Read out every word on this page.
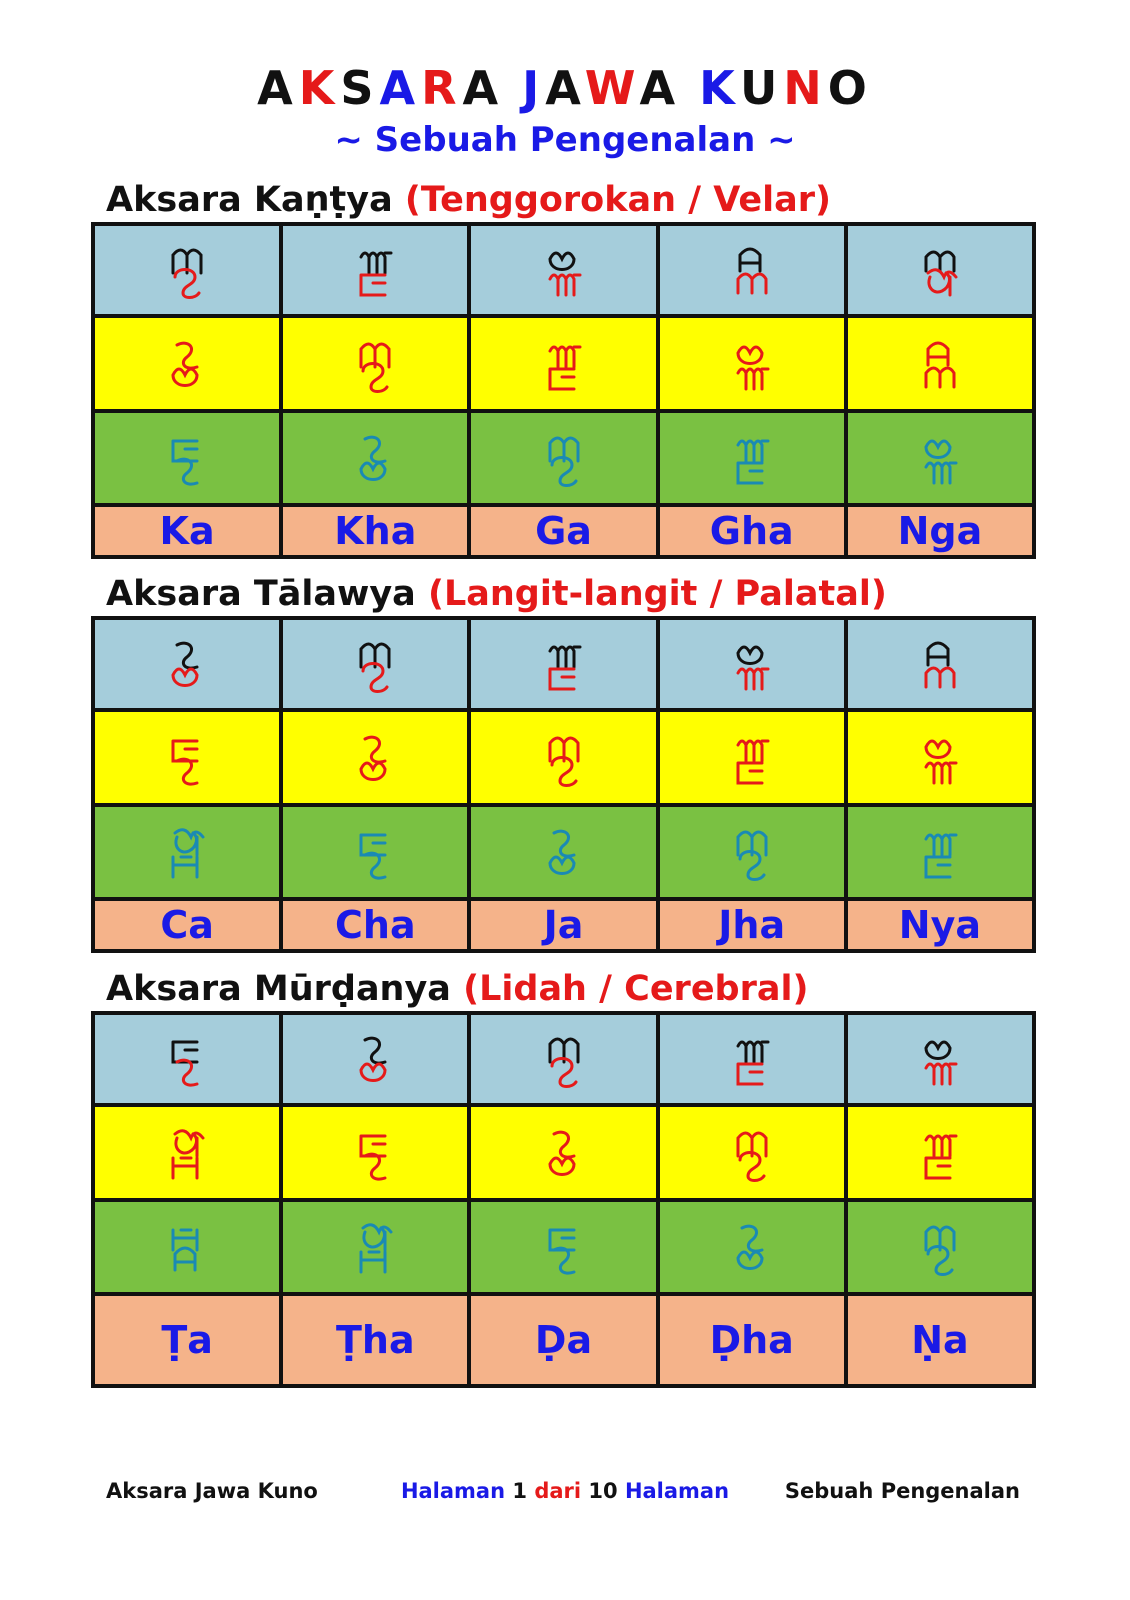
AKSARA JAWA KUNO
~ Sebuah Pengenalan ~
Aksara Kaṇṭya (Tenggorokan / Velar)
Ka	Kha	Ga	Gha	Nga
Aksara Tālawya (Langit-langit / Palatal)
Ca	Cha	Ja	Jha	Nya
Aksara Mūrḍanya (Lidah / Cerebral)
Ṭa	Ṭha	Ḍa	Ḍha	Ṇa
Aksara Jawa Kuno	Halaman 1 dari 10 Halaman	Sebuah Pengenalan
